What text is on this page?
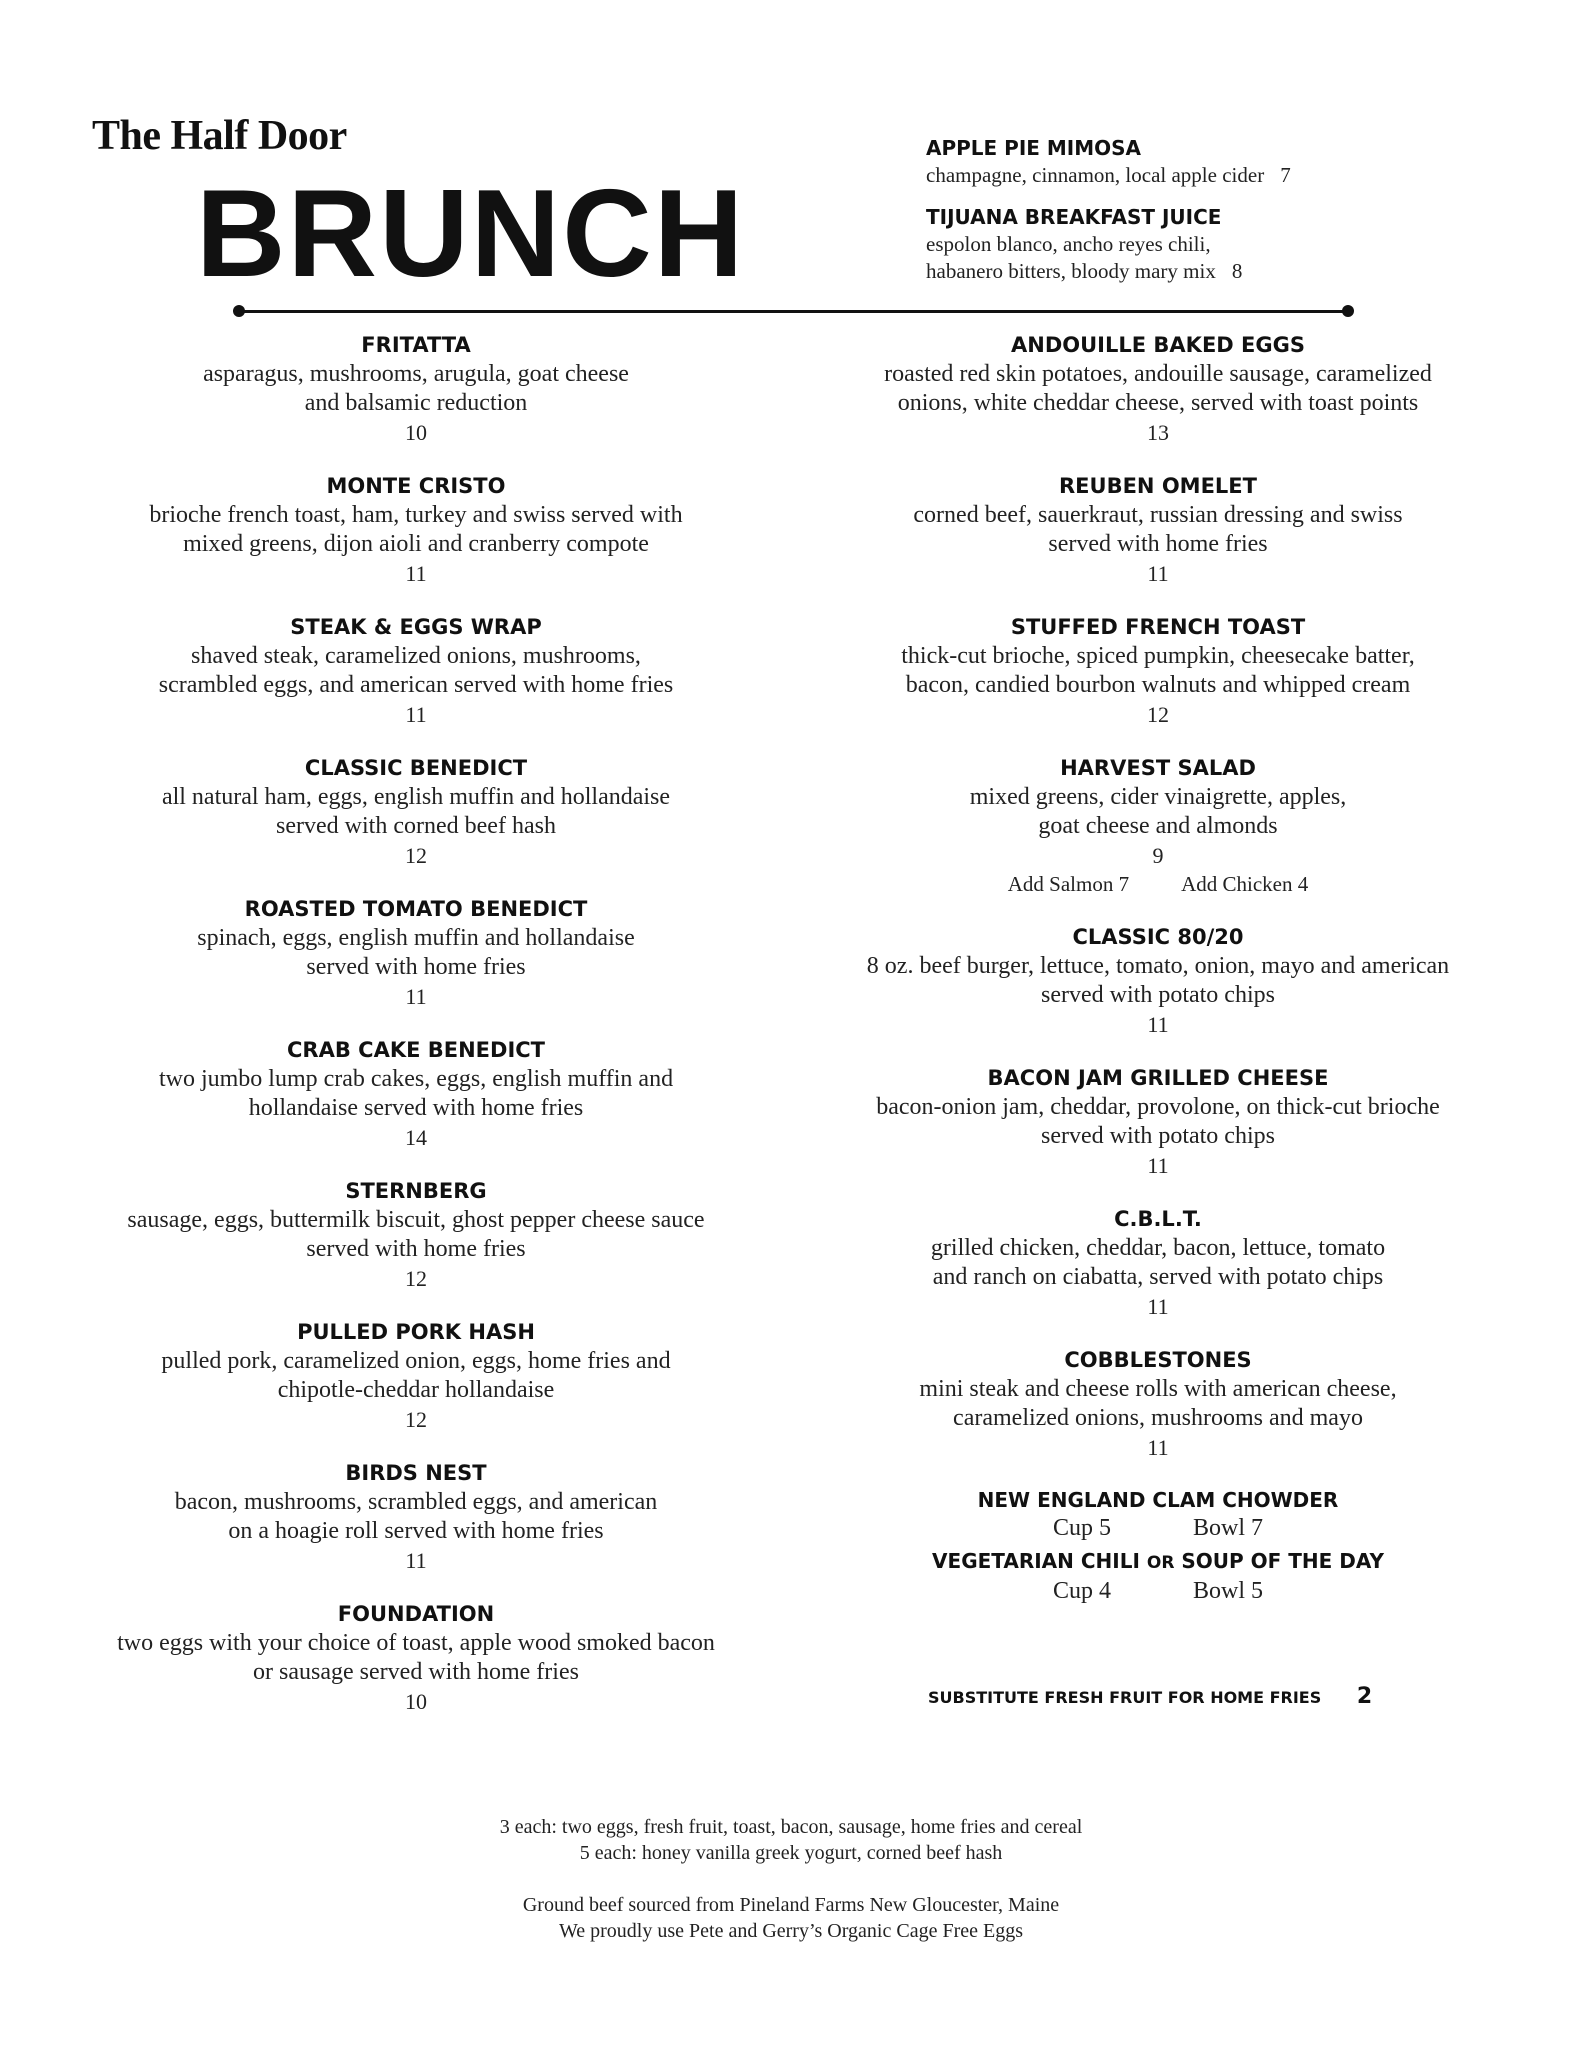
The Half Door
BRUNCH
APPLE PIE MIMOSA
champagne, cinnamon, local apple cider 7
TIJUANA BREAKFAST JUICE
espolon blanco, ancho reyes chili,
habanero bitters, bloody mary mix 8
FRITATTA
asparagus, mushrooms, arugula, goat cheese
and balsamic reduction
10
MONTE CRISTO
brioche french toast, ham, turkey and swiss served with
mixed greens, dijon aioli and cranberry compote
11
STEAK & EGGS WRAP
shaved steak, caramelized onions, mushrooms,
scrambled eggs, and american served with home fries
11
CLASSIC BENEDICT
all natural ham, eggs, english muffin and hollandaise
served with corned beef hash
12
ROASTED TOMATO BENEDICT
spinach, eggs, english muffin and hollandaise
served with home fries
11
CRAB CAKE BENEDICT
two jumbo lump crab cakes, eggs, english muffin and
hollandaise served with home fries
14
STERNBERG
sausage, eggs, buttermilk biscuit, ghost pepper cheese sauce
served with home fries
12
PULLED PORK HASH
pulled pork, caramelized onion, eggs, home fries and
chipotle-cheddar hollandaise
12
BIRDS NEST
bacon, mushrooms, scrambled eggs, and american
on a hoagie roll served with home fries
11
FOUNDATION
two eggs with your choice of toast, apple wood smoked bacon
or sausage served with home fries
10
ANDOUILLE BAKED EGGS
roasted red skin potatoes, andouille sausage, caramelized
onions, white cheddar cheese, served with toast points
13
REUBEN OMELET
corned beef, sauerkraut, russian dressing and swiss
served with home fries
11
STUFFED FRENCH TOAST
thick-cut brioche, spiced pumpkin, cheesecake batter,
bacon, candied bourbon walnuts and whipped cream
12
HARVEST SALAD
mixed greens, cider vinaigrette, apples,
goat cheese and almonds
9
Add Salmon 7 Add Chicken 4
CLASSIC 80/20
8 oz. beef burger, lettuce, tomato, onion, mayo and american
served with potato chips
11
BACON JAM GRILLED CHEESE
bacon-onion jam, cheddar, provolone, on thick-cut brioche
served with potato chips
11
C.B.L.T.
grilled chicken, cheddar, bacon, lettuce, tomato
and ranch on ciabatta, served with potato chips
11
COBBLESTONES
mini steak and cheese rolls with american cheese,
caramelized onions, mushrooms and mayo
11
NEW ENGLAND CLAM CHOWDER
Cup 5	Bowl 7
VEGETARIAN CHILI OR SOUP OF THE DAY
Cup 4	Bowl 5
SUBSTITUTE FRESH FRUIT FOR HOME FRIES 2
3 each: two eggs, fresh fruit, toast, bacon, sausage, home fries and cereal
5 each: honey vanilla greek yogurt, corned beef hash
Ground beef sourced from Pineland Farms New Gloucester, Maine
We proudly use Pete and Gerry’s Organic Cage Free Eggs
